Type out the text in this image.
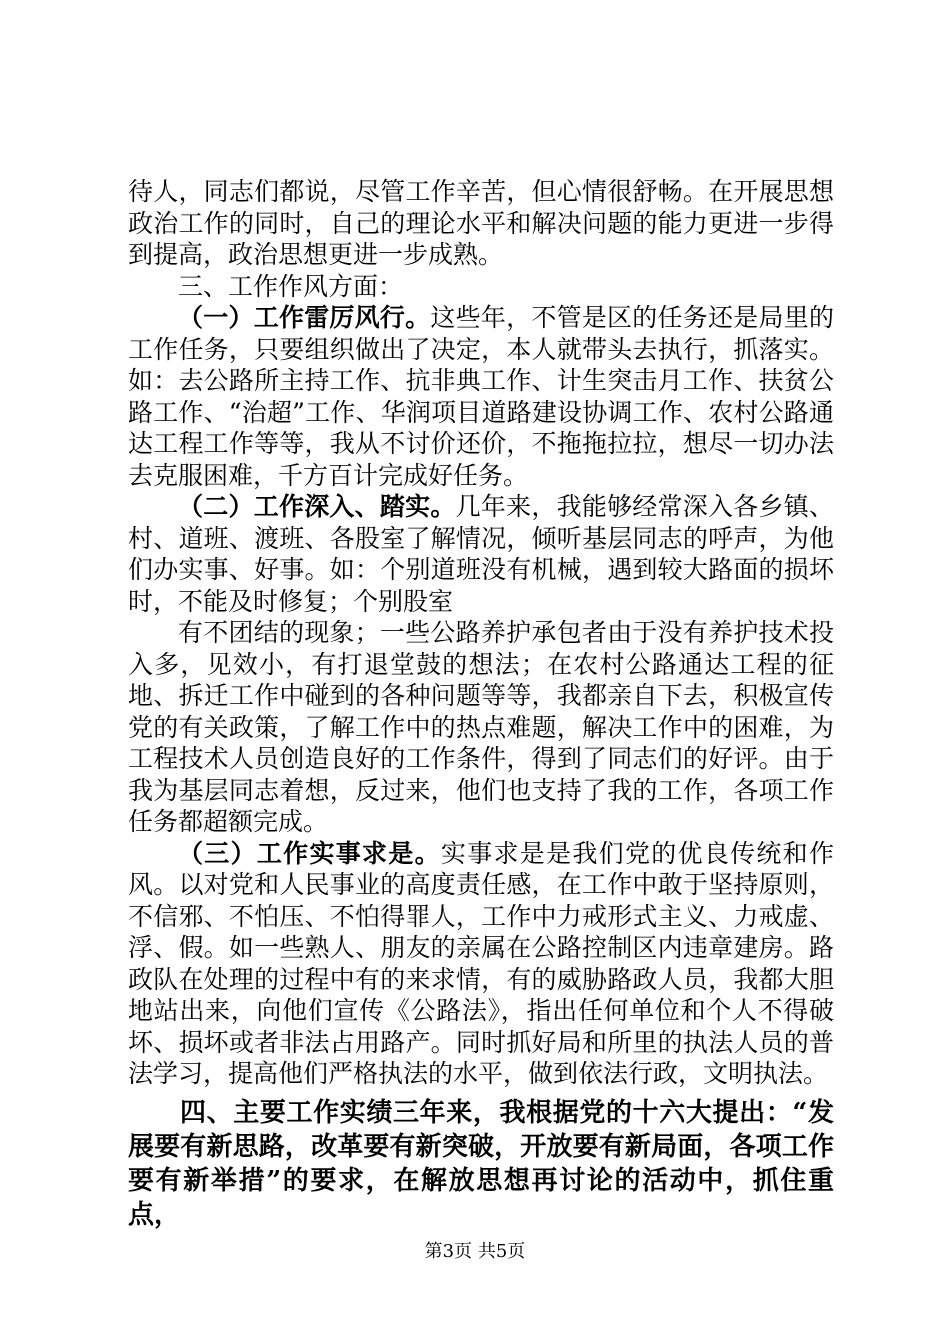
待人，同志们都说，尽管工作辛苦，但心情很舒畅。在开展思想政治工作的同时，自己的理论水平和解决问题的能力更进一步得到提高，政治思想更进一步成熟。

三、工作作风方面：

（一）工作雷厉风行。这些年，不管是区的任务还是局里的工作任务，只要组织做出了决定，本人就带头去执行，抓落实。如：去公路所主持工作、抗非典工作、计生突击月工作、扶贫公路工作、“治超”工作、华润项目道路建设协调工作、农村公路通达工程工作等等，我从不讨价还价，不拖拖拉拉，想尽一切办法去克服困难，千方百计完成好任务。

（二）工作深入、踏实。几年来，我能够经常深入各乡镇、村、道班、渡班、各股室了解情况，倾听基层同志的呼声，为他们办实事、好事。如：个别道班没有机械，遇到较大路面的损坏时，不能及时修复；个别股室

有不团结的现象；一些公路养护承包者由于没有养护技术投入多，见效小，有打退堂鼓的想法；在农村公路通达工程的征地、拆迁工作中碰到的各种问题等等，我都亲自下去，积极宣传党的有关政策，了解工作中的热点难题，解决工作中的困难，为工程技术人员创造良好的工作条件，得到了同志们的好评。由于我为基层同志着想，反过来，他们也支持了我的工作，各项工作任务都超额完成。

（三）工作实事求是。实事求是是我们党的优良传统和作风。以对党和人民事业的高度责任感，在工作中敢于坚持原则，不信邪、不怕压、不怕得罪人，工作中力戒形式主义、力戒虚、浮、假。如一些熟人、朋友的亲属在公路控制区内违章建房。路政队在处理的过程中有的来求情，有的威胁路政人员，我都大胆地站出来，向他们宣传《公路法》，指出任何单位和个人不得破坏、损坏或者非法占用路产。同时抓好局和所里的执法人员的普法学习，提高他们严格执法的水平，做到依法行政，文明执法。

四、主要工作实绩三年来，我根据党的十六大提出：“发展要有新思路，改革要有新突破，开放要有新局面，各项工作要有新举措”的要求，在解放思想再讨论的活动中，抓住重点，

第3页 共5页
